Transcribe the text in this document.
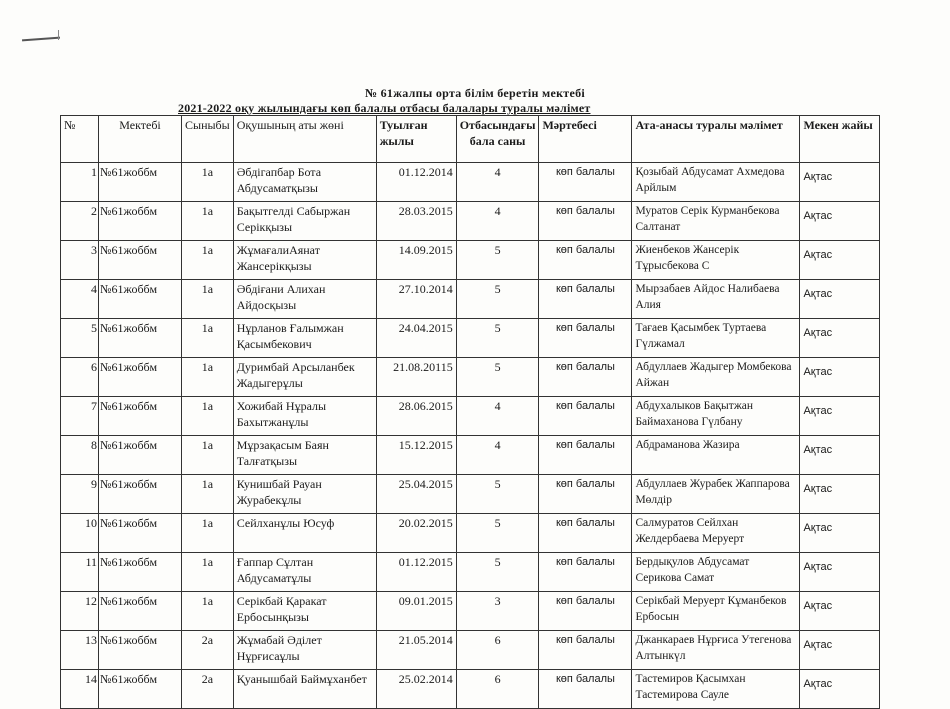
№ 61жалпы орта білім беретін мектебі
2021-2022 оқу жылындағы көп балалы отбасы балалары туралы мәлімет
№	Мектебі	Сыныбы	Оқушының аты жөні	Туылған жылы	Отбасындағы бала саны	Мәртебесі	Ата-анасы туралы мәлімет	Мекен жайы
1	№61жоббм	1а	Әбдігапбар Бота Абдусаматқызы	01.12.2014	4	көп балалы	Қозыбай Абдусамат Ахмедова Арйлым	Ақтас
2	№61жоббм	1а	Бақытгелді Сабыржан Серікқызы	28.03.2015	4	көп балалы	Муратов Серік Курманбекова Салтанат	Ақтас
3	№61жоббм	1а	ЖұмағалиАянат Жансерікқызы	14.09.2015	5	көп балалы	Жиенбеков Жансерік Тұрысбекова С	Ақтас
4	№61жоббм	1а	Әбдіғани Алихан Айдосқызы	27.10.2014	5	көп балалы	Мырзабаев Айдос Налибаева Алия	Ақтас
5	№61жоббм	1а	Нұрланов Ғалымжан Қасымбекович	24.04.2015	5	көп балалы	Тағаев Қасымбек Туртаева Гүлжамал	Ақтас
6	№61жоббм	1а	Дуримбай Арсыланбек Жадыгерұлы	21.08.20115	5	көп балалы	Абдуллаев Жадыгер Момбекова Айжан	Ақтас
7	№61жоббм	1а	Хожибай Нұралы Бахытжанұлы	28.06.2015	4	көп балалы	Абдухалыков Бақытжан Баймаханова Гүлбану	Ақтас
8	№61жоббм	1а	Мұрзақасым Баян Талғатқызы	15.12.2015	4	көп балалы	Абдраманова Жазира	Ақтас
9	№61жоббм	1а	Кунишбай Рауан Журабекұлы	25.04.2015	5	көп балалы	Абдуллаев Журабек Жаппарова Мөлдір	Ақтас
10	№61жоббм	1а	Сейлханұлы Юсуф	20.02.2015	5	көп балалы	Салмуратов Сейлхан Желдербаева Меруерт	Ақтас
11	№61жоббм	1а	Ғаппар Сұлтан Абдусаматұлы	01.12.2015	5	көп балалы	Бердықулов Абдусамат Серикова Самат	Ақтас
12	№61жоббм	1а	Серікбай Қаракат Ербосынқызы	09.01.2015	3	көп балалы	Серікбай Меруерт Кұманбеков Ербосын	Ақтас
13	№61жоббм	2а	Жұмабай Әділет Нұрғисаұлы	21.05.2014	6	көп балалы	Джанкараев Нұрғиса Утегенова Алтынкүл	Ақтас
14	№61жоббм	2а	Қуанышбай Баймұханбет	25.02.2014	6	көп балалы	Тастемиров Қасымхан Тастемирова Сауле	Ақтас
